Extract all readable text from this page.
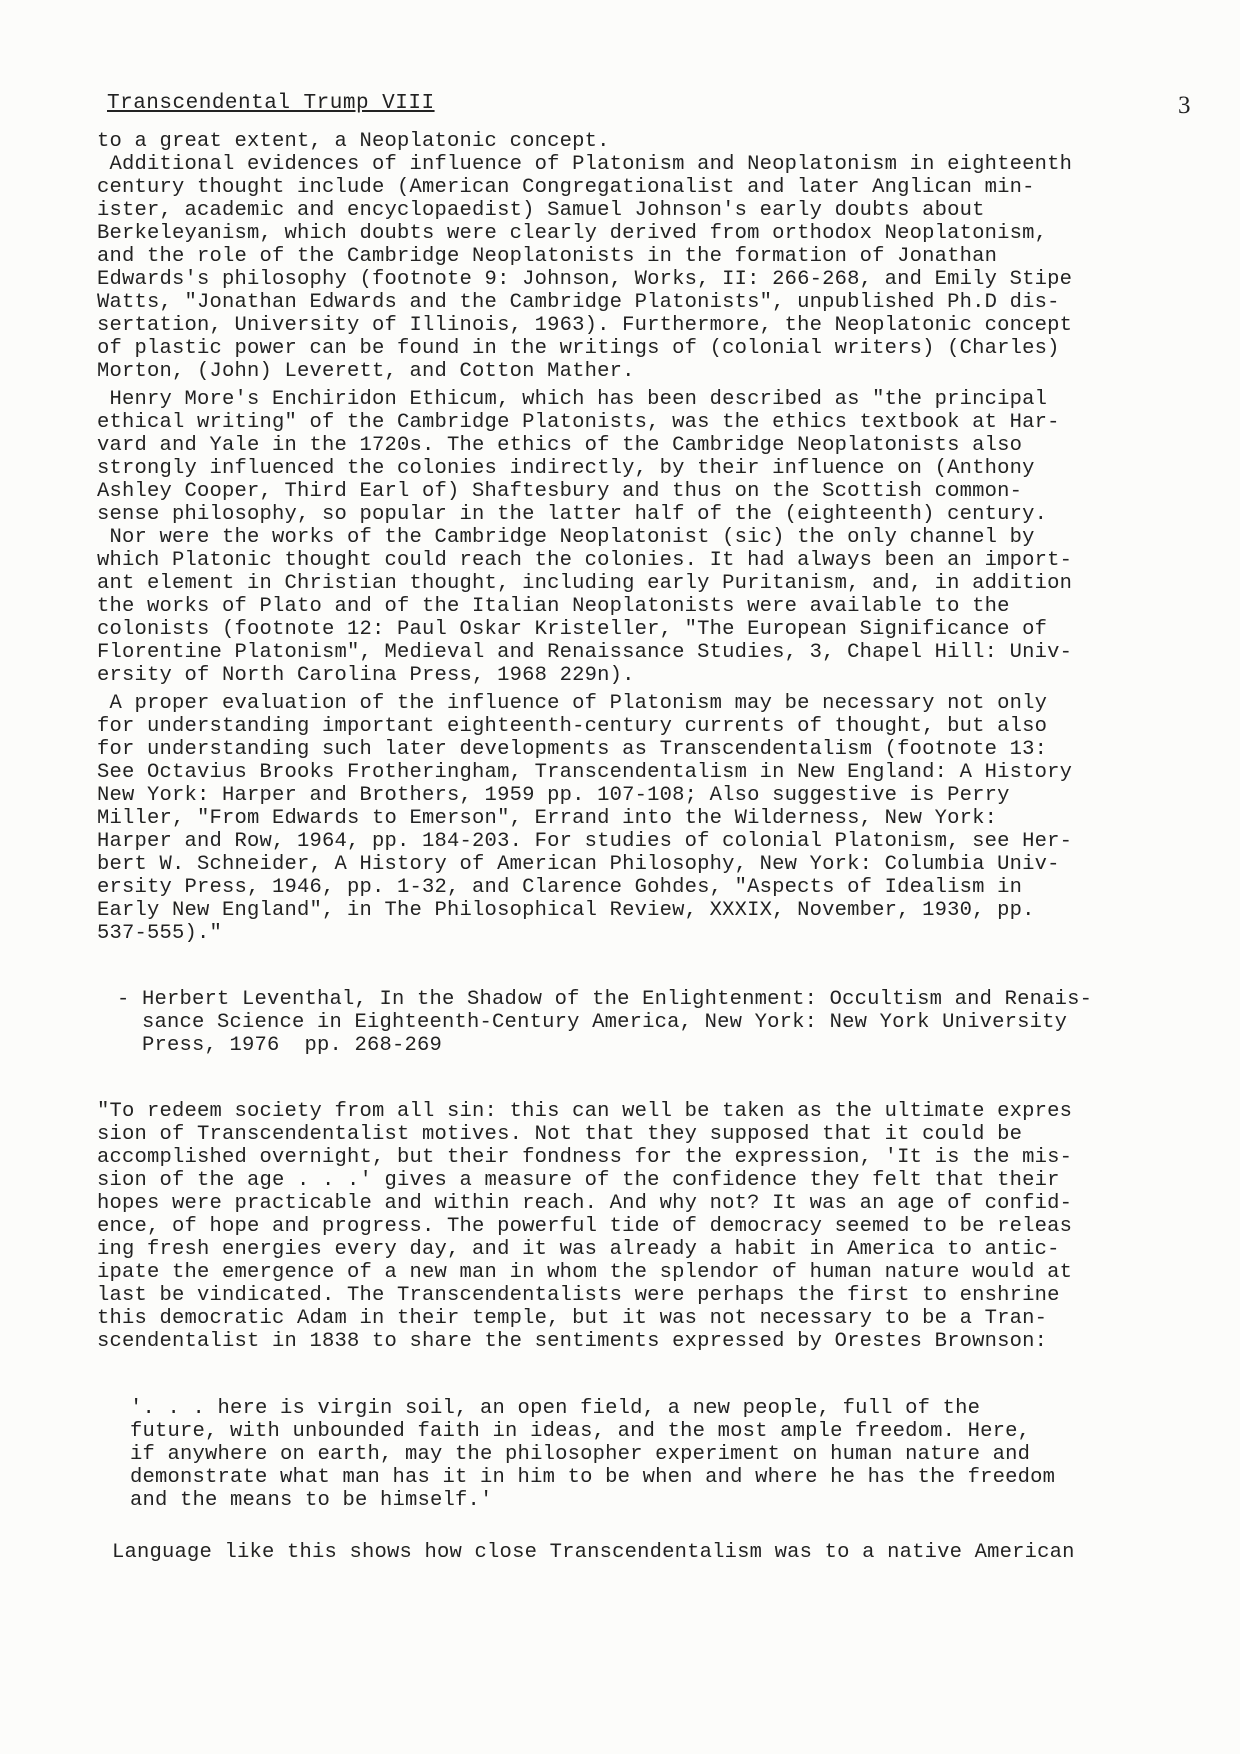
Transcendental Trump VIII	3
to a great extent, a Neoplatonic concept.
Additional evidences of influence of Platonism and Neoplatonism in eighteenth
century thought include (American Congregationalist and later Anglican min-
ister, academic and encyclopaedist) Samuel Johnson's early doubts about
Berkeleyanism, which doubts were clearly derived from orthodox Neoplatonism,
and the role of the Cambridge Neoplatonists in the formation of Jonathan
Edwards's philosophy (footnote 9: Johnson, Works, II: 266-268, and Emily Stipe
Watts, "Jonathan Edwards and the Cambridge Platonists", unpublished Ph.D dis-
sertation, University of Illinois, 1963). Furthermore, the Neoplatonic concept
of plastic power can be found in the writings of (colonial writers) (Charles)
Morton, (John) Leverett, and Cotton Mather.
Henry More's Enchiridon Ethicum, which has been described as "the principal
ethical writing" of the Cambridge Platonists, was the ethics textbook at Har-
vard and Yale in the 1720s. The ethics of the Cambridge Neoplatonists also
strongly influenced the colonies indirectly, by their influence on (Anthony
Ashley Cooper, Third Earl of) Shaftesbury and thus on the Scottish common-
sense philosophy, so popular in the latter half of the (eighteenth) century.
Nor were the works of the Cambridge Neoplatonist (sic) the only channel by
which Platonic thought could reach the colonies. It had always been an import-
ant element in Christian thought, including early Puritanism, and, in addition
the works of Plato and of the Italian Neoplatonists were available to the
colonists (footnote 12: Paul Oskar Kristeller, "The European Significance of
Florentine Platonism", Medieval and Renaissance Studies, 3, Chapel Hill: Univ-
ersity of North Carolina Press, 1968 229n).
A proper evaluation of the influence of Platonism may be necessary not only
for understanding important eighteenth-century currents of thought, but also
for understanding such later developments as Transcendentalism (footnote 13:
See Octavius Brooks Frotheringham, Transcendentalism in New England: A History
New York: Harper and Brothers, 1959 pp. 107-108; Also suggestive is Perry
Miller, "From Edwards to Emerson", Errand into the Wilderness, New York:
Harper and Row, 1964, pp. 184-203. For studies of colonial Platonism, see Her-
bert W. Schneider, A History of American Philosophy, New York: Columbia Univ-
ersity Press, 1946, pp. 1-32, and Clarence Gohdes, "Aspects of Idealism in
Early New England", in The Philosophical Review, XXXIX, November, 1930, pp.
537-555)."
- Herbert Leventhal, In the Shadow of the Enlightenment: Occultism and Renais-
sance Science in Eighteenth-Century America, New York: New York University
Press, 1976  pp. 268-269
"To redeem society from all sin: this can well be taken as the ultimate expres
sion of Transcendentalist motives. Not that they supposed that it could be
accomplished overnight, but their fondness for the expression, 'It is the mis-
sion of the age . . .' gives a measure of the confidence they felt that their
hopes were practicable and within reach. And why not? It was an age of confid-
ence, of hope and progress. The powerful tide of democracy seemed to be releas
ing fresh energies every day, and it was already a habit in America to antic-
ipate the emergence of a new man in whom the splendor of human nature would at
last be vindicated. The Transcendentalists were perhaps the first to enshrine
this democratic Adam in their temple, but it was not necessary to be a Tran-
scendentalist in 1838 to share the sentiments expressed by Orestes Brownson:
'. . . here is virgin soil, an open field, a new people, full of the
future, with unbounded faith in ideas, and the most ample freedom. Here,
if anywhere on earth, may the philosopher experiment on human nature and
demonstrate what man has it in him to be when and where he has the freedom
and the means to be himself.'
Language like this shows how close Transcendentalism was to a native American
